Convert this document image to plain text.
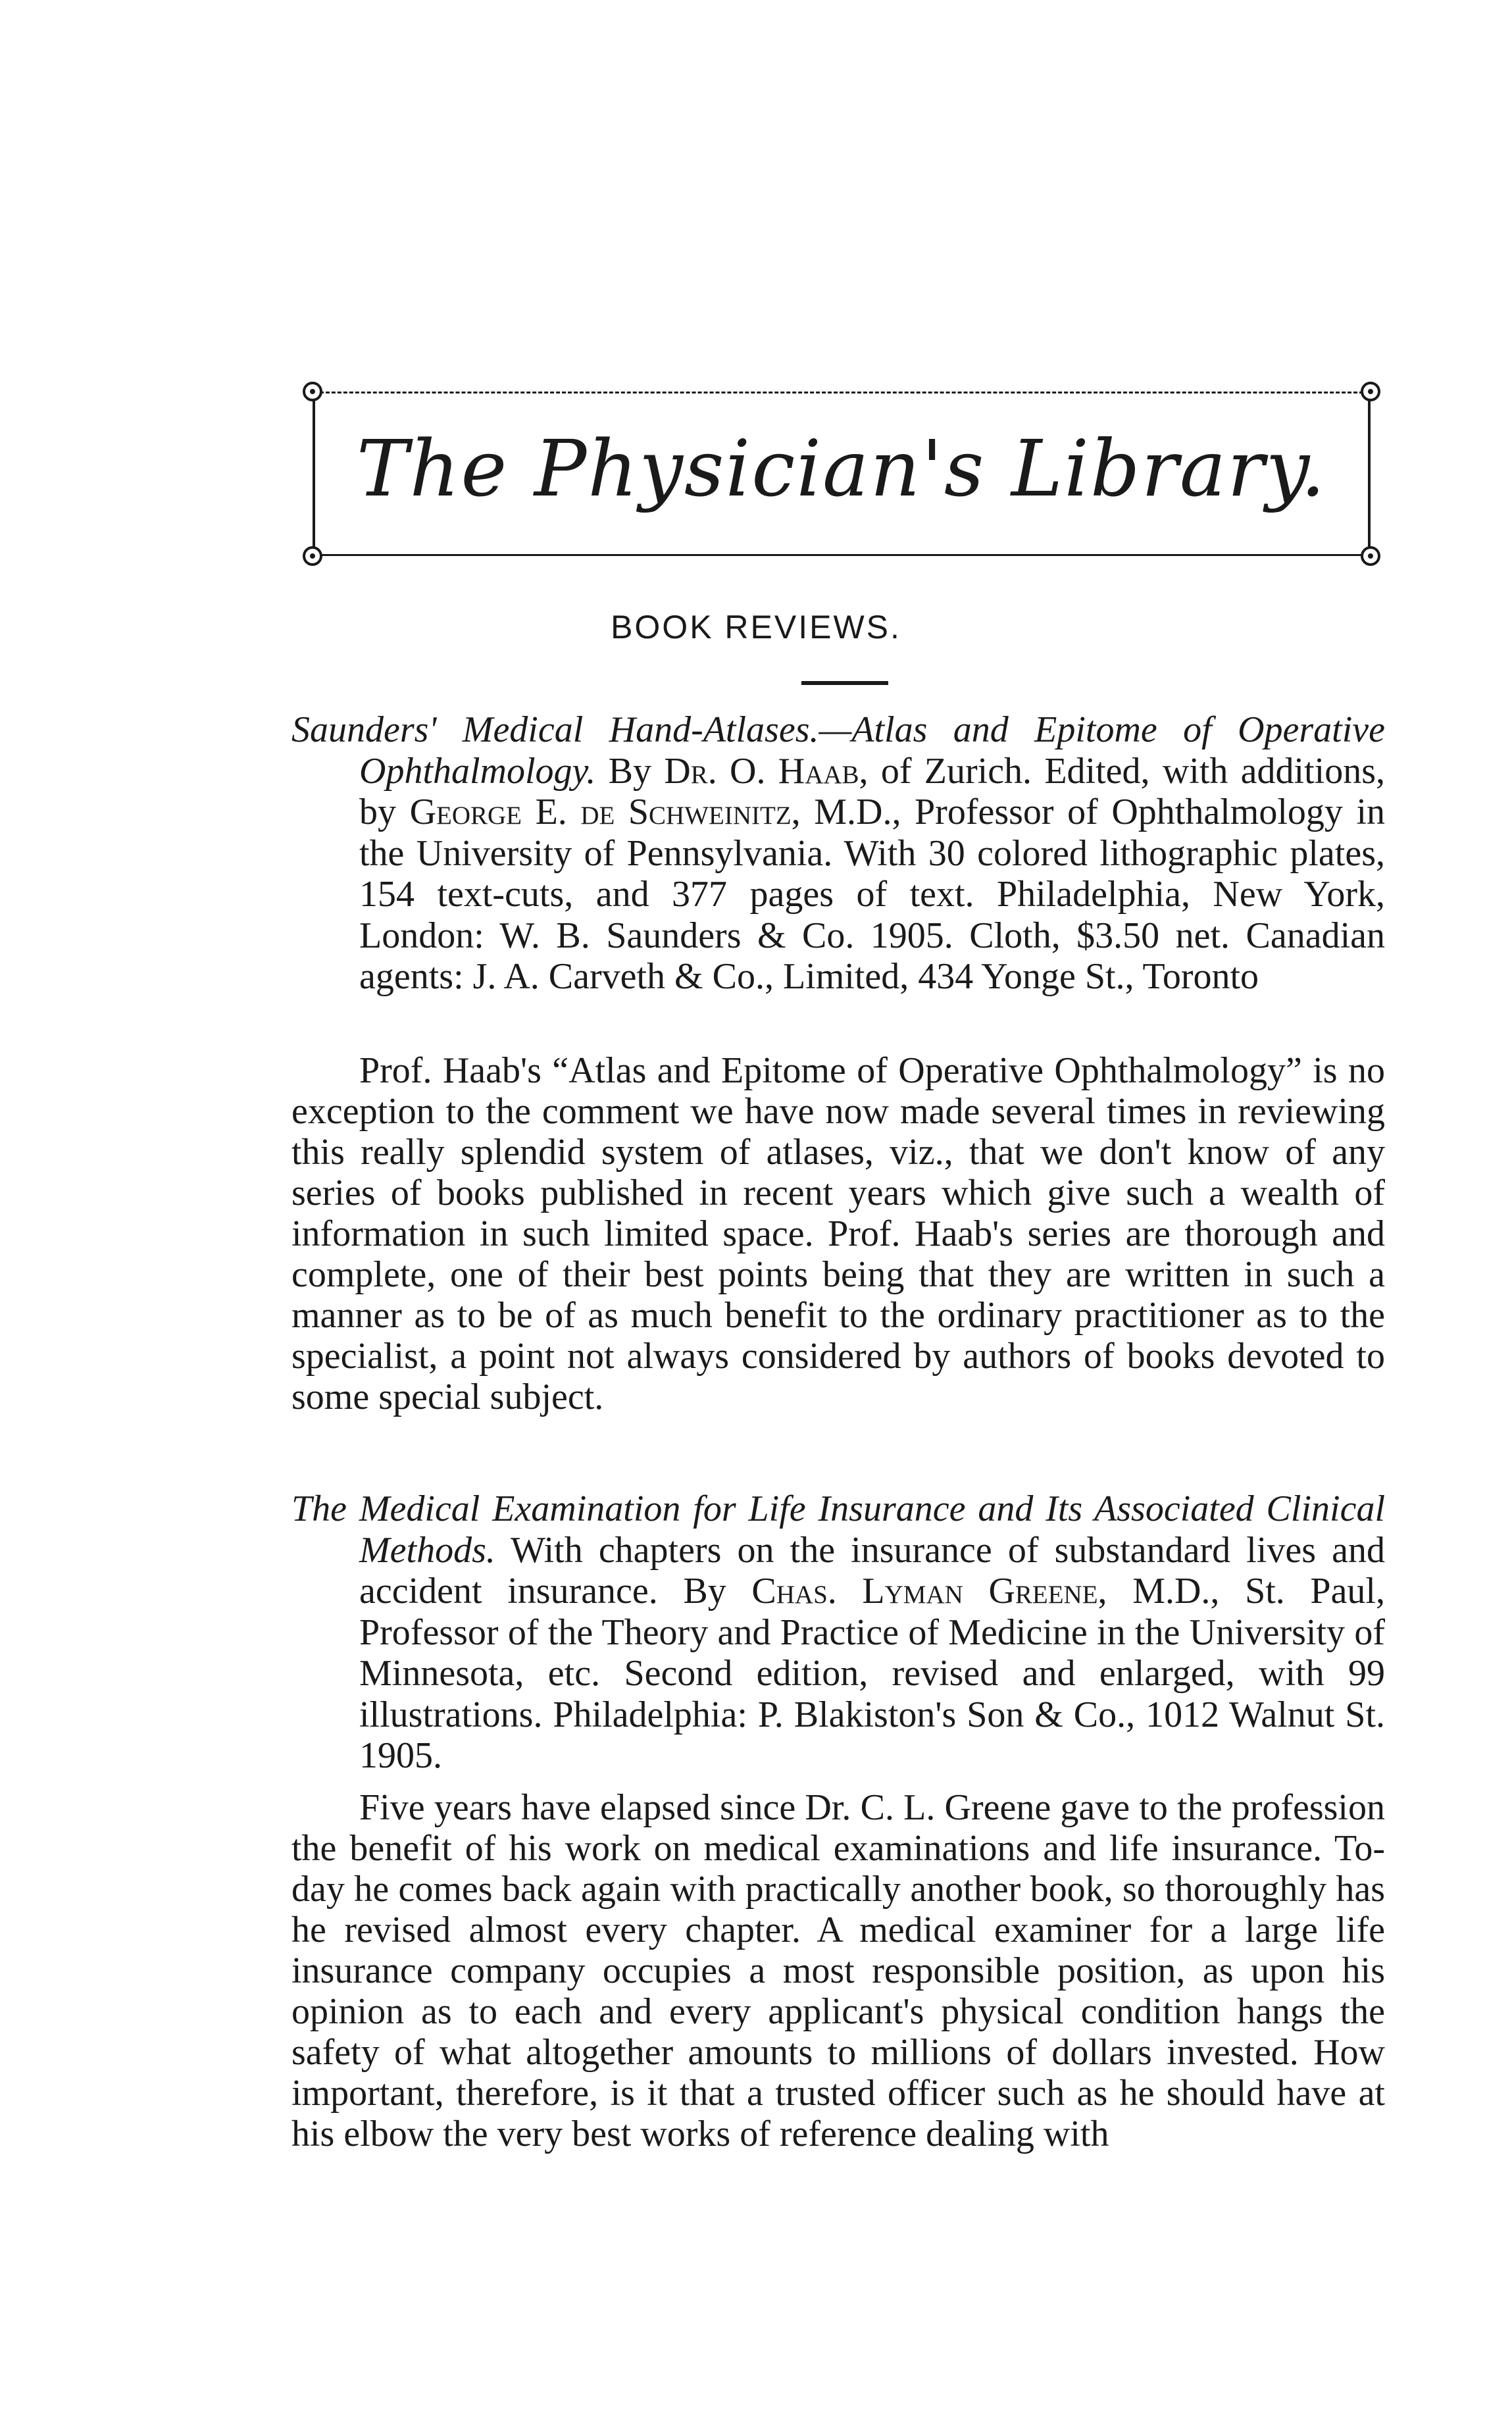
The Physician's Library.
BOOK REVIEWS.

Saunders' Medical Hand-Atlases.—Atlas and Epitome of Operative Ophthalmology. By Dr. O. Haab, of Zurich. Edited, with additions, by George E. de Schweinitz, M.D., Professor of Ophthalmology in the University of Pennsylvania. With 30 colored lithographic plates, 154 text-cuts, and 377 pages of text. Philadelphia, New York, London: W. B. Saunders & Co. 1905. Cloth, $3.50 net. Canadian agents: J. A. Carveth & Co., Limited, 434 Yonge St., Toronto

Prof. Haab's “Atlas and Epitome of Operative Ophthalmology” is no exception to the comment we have now made several times in reviewing this really splendid system of atlases, viz., that we don't know of any series of books published in recent years which give such a wealth of information in such limited space. Prof. Haab's series are thorough and complete, one of their best points being that they are written in such a manner as to be of as much benefit to the ordinary practitioner as to the specialist, a point not always considered by authors of books devoted to some special subject.

The Medical Examination for Life Insurance and Its Associated Clinical Methods. With chapters on the insurance of substandard lives and accident insurance. By Chas. Lyman Greene, M.D., St. Paul, Professor of the Theory and Practice of Medicine in the University of Minnesota, etc. Second edition, revised and enlarged, with 99 illustrations. Philadelphia: P. Blakiston's Son & Co., 1012 Walnut St. 1905.

Five years have elapsed since Dr. C. L. Greene gave to the profession the benefit of his work on medical examinations and life insurance. To-day he comes back again with practically another book, so thoroughly has he revised almost every chapter. A medical examiner for a large life insurance company occupies a most responsible position, as upon his opinion as to each and every applicant's physical condition hangs the safety of what altogether amounts to millions of dollars invested. How important, therefore, is it that a trusted officer such as he should have at his elbow the very best works of reference dealing with
